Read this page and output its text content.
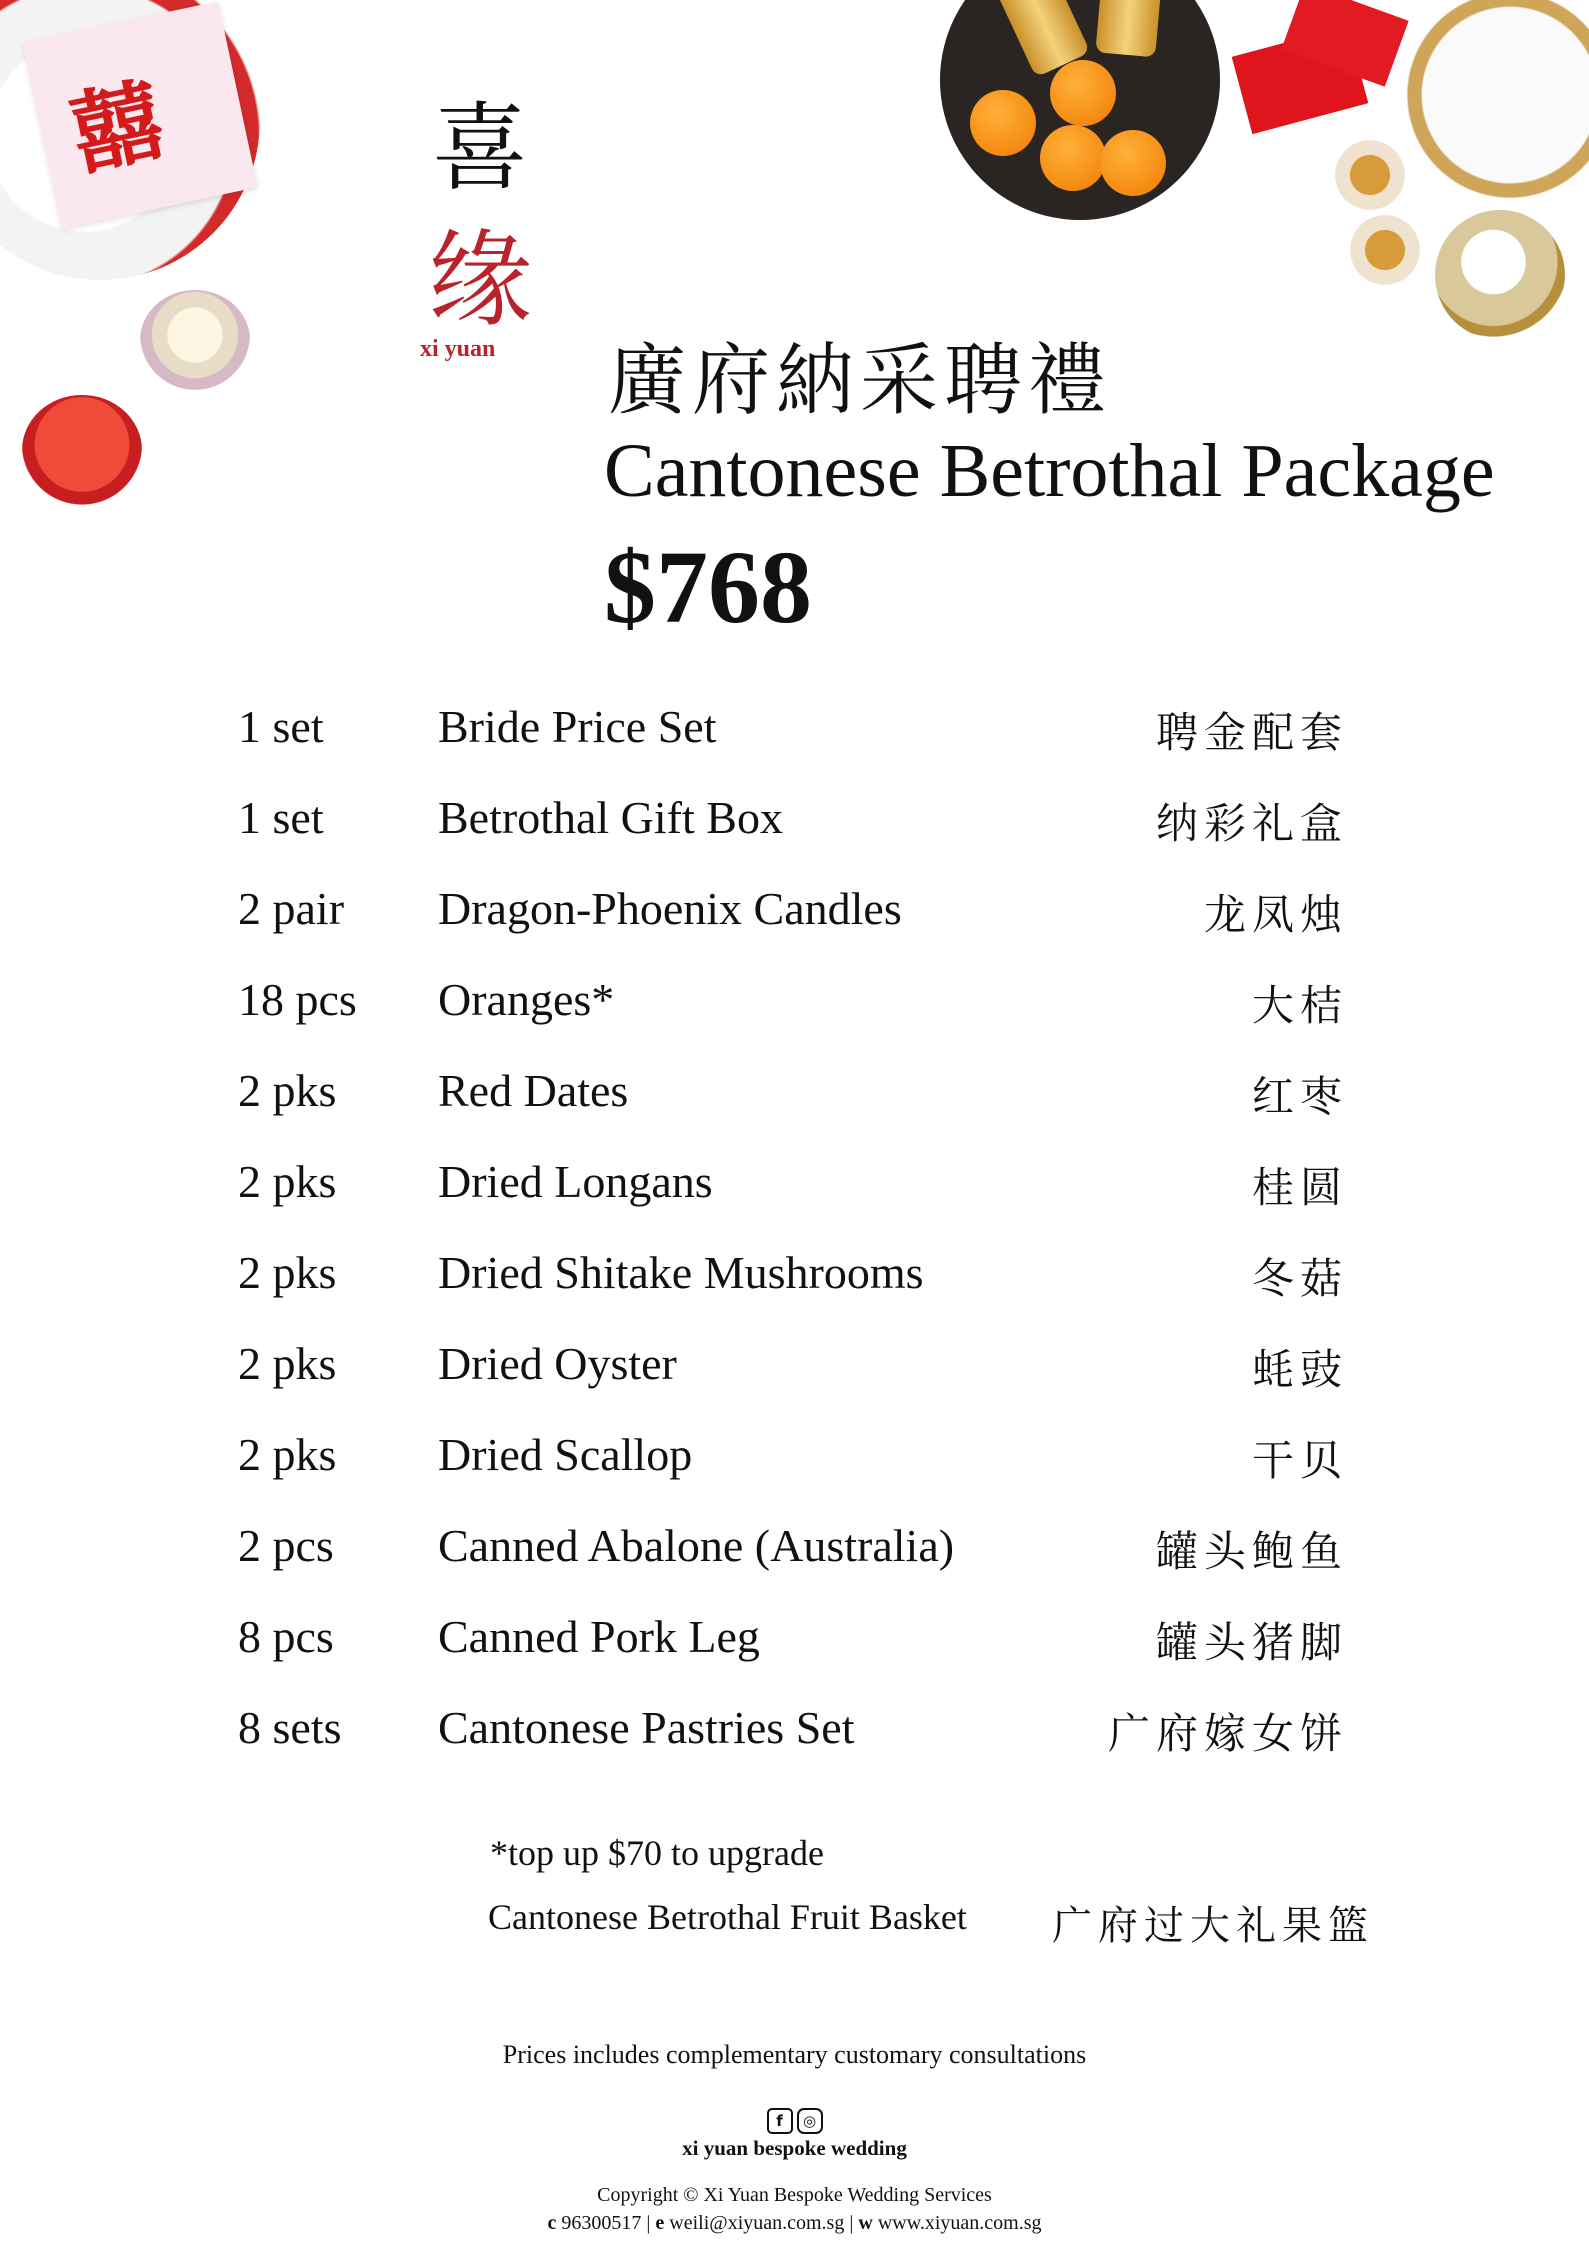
囍	喜
缘
xi yuan 廣府納采聘禮
Cantonese Betrothal Package
$768
1 set Bride Price Set	聘金配套
1 set Betrothal Gift Box	纳彩礼盒
2 pair Dragon-Phoenix Candles	龙凤烛
18 pcs Oranges*	大桔
2 pks Red Dates	红枣
2 pks Dried Longans	桂圆
2 pks Dried Shitake Mushrooms	冬菇
2 pks Dried Oyster	蚝豉
2 pks Dried Scallop	干贝
2 pcs Canned Abalone (Australia)	罐头鲍鱼
8 pcs Canned Pork Leg	罐头猪脚
8 sets Cantonese Pastries Set	广府嫁女饼
*top up $70 to upgrade
Cantonese Betrothal Fruit Basket 广府过大礼果篮
Prices includes complementary customary consultations
f ◎
xi yuan bespoke wedding
Copyright © Xi Yuan Bespoke Wedding Services
c 96300517 | e weili@xiyuan.com.sg | w www.xiyuan.com.sg
